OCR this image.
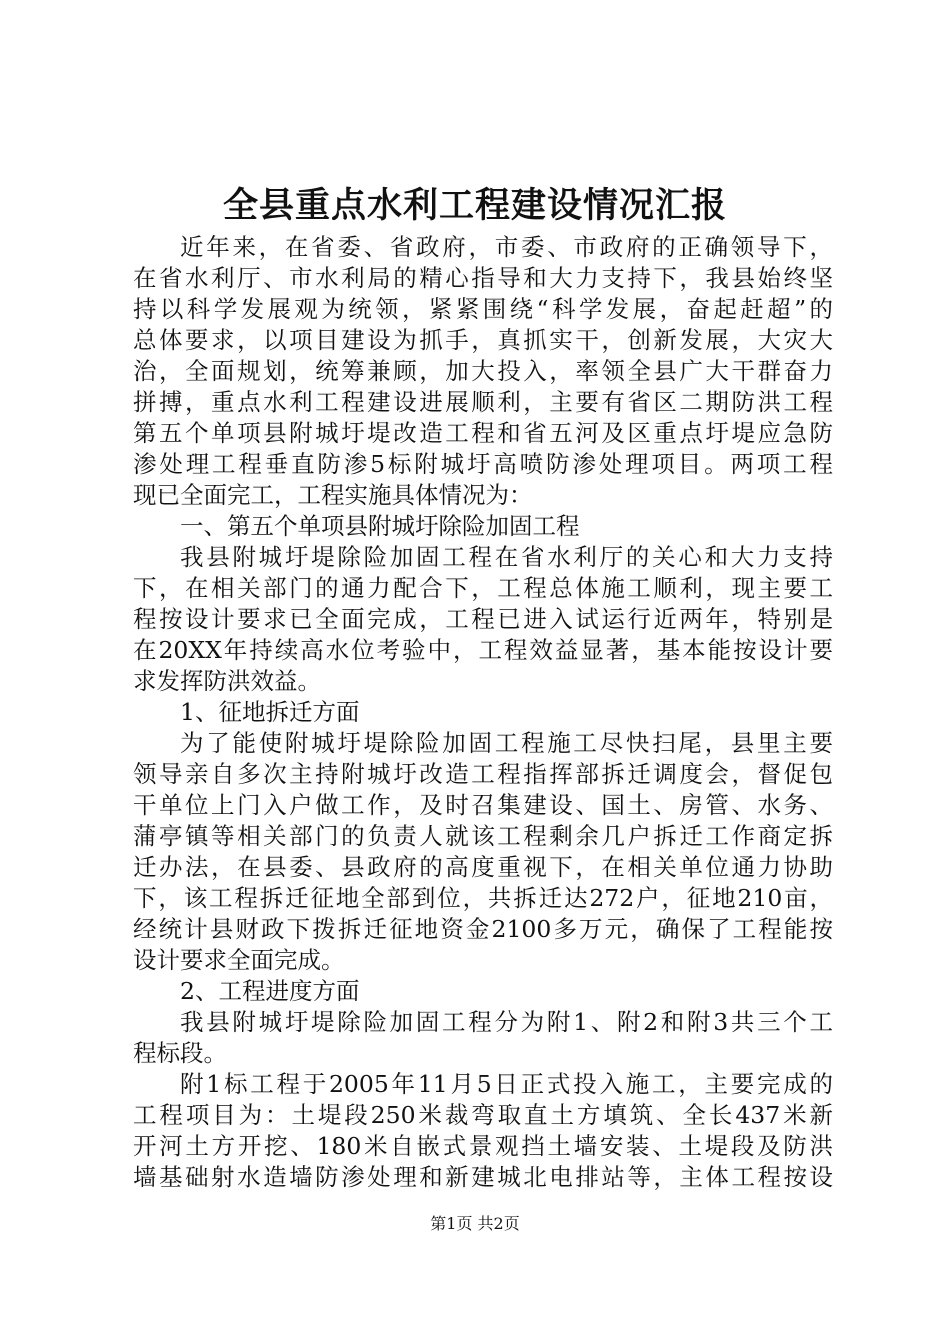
全县重点水利工程建设情况汇报
近年来，在省委、省政府，市委、市政府的正确领导下，
在省水利厅、市水利局的精心指导和大力支持下，我县始终坚
持以科学发展观为统领，紧紧围绕“科学发展，奋起赶超”的
总体要求，以项目建设为抓手，真抓实干，创新发展，大灾大
治，全面规划，统筹兼顾，加大投入，率领全县广大干群奋力
拼搏，重点水利工程建设进展顺利，主要有省区二期防洪工程
第五个单项县附城圩堤改造工程和省五河及区重点圩堤应急防
渗处理工程垂直防渗5标附城圩高喷防渗处理项目。两项工程
现已全面完工，工程实施具体情况为：
一、第五个单项县附城圩除险加固工程
我县附城圩堤除险加固工程在省水利厅的关心和大力支持
下，在相关部门的通力配合下，工程总体施工顺利，现主要工
程按设计要求已全面完成，工程已进入试运行近两年，特别是
在20XX年持续高水位考验中，工程效益显著，基本能按设计要
求发挥防洪效益。
1、征地拆迁方面
为了能使附城圩堤除险加固工程施工尽快扫尾，县里主要
领导亲自多次主持附城圩改造工程指挥部拆迁调度会，督促包
干单位上门入户做工作，及时召集建设、国土、房管、水务、
蒲亭镇等相关部门的负责人就该工程剩余几户拆迁工作商定拆
迁办法，在县委、县政府的高度重视下，在相关单位通力协助
下，该工程拆迁征地全部到位，共拆迁达272户，征地210亩，
经统计县财政下拨拆迁征地资金2100多万元，确保了工程能按
设计要求全面完成。
2、工程进度方面
我县附城圩堤除险加固工程分为附1、附2和附3共三个工
程标段。
附1标工程于2005年11月5日正式投入施工，主要完成的
工程项目为：土堤段250米裁弯取直土方填筑、全长437米新
开河土方开挖、180米自嵌式景观挡土墙安装、土堤段及防洪
墙基础射水造墙防渗处理和新建城北电排站等，主体工程按设
第1页 共2页
